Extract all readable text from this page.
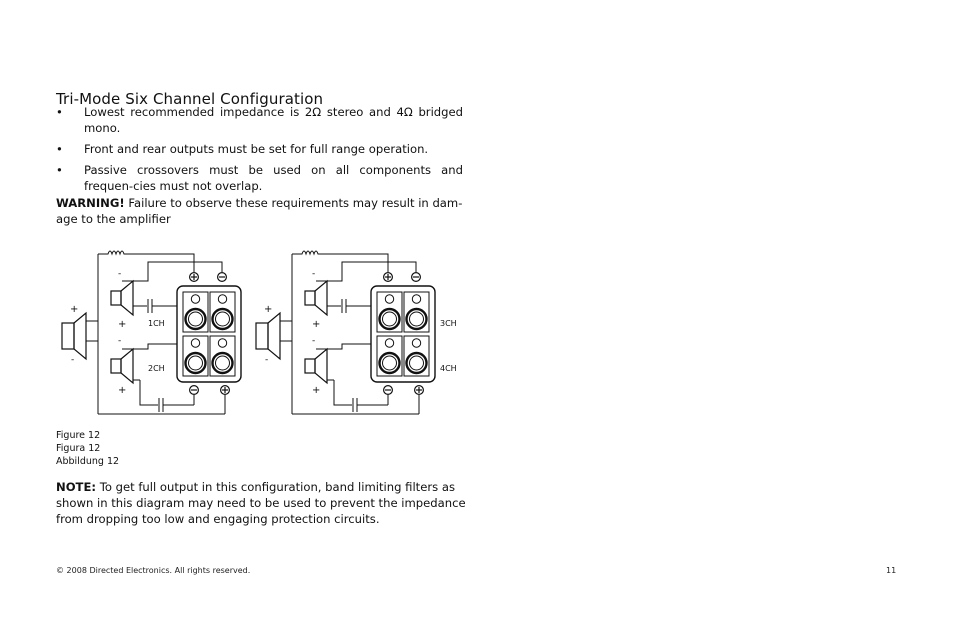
Tri-Mode Six Channel Configuration
• Lowest recommended impedance is 2Ω stereo and 4Ω bridged mono.
• Front and rear outputs must be set for full range operation.
• Passive crossovers must be used on all components and frequen-cies must not overlap.

WARNING! Failure to observe these requirements may result in dam-age to the amplifier

1CH
2CH
-
+
-
+
+
-
3CH
4CH
-
+
-
+
+
-
Figure 12
Figura 12
Abbildung 12

NOTE: To get full output in this configuration, band limiting filters as shown in this diagram may need to be used to prevent the impedance from dropping too low and engaging protection circuits.

© 2008 Directed Electronics. All rights reserved.	11
